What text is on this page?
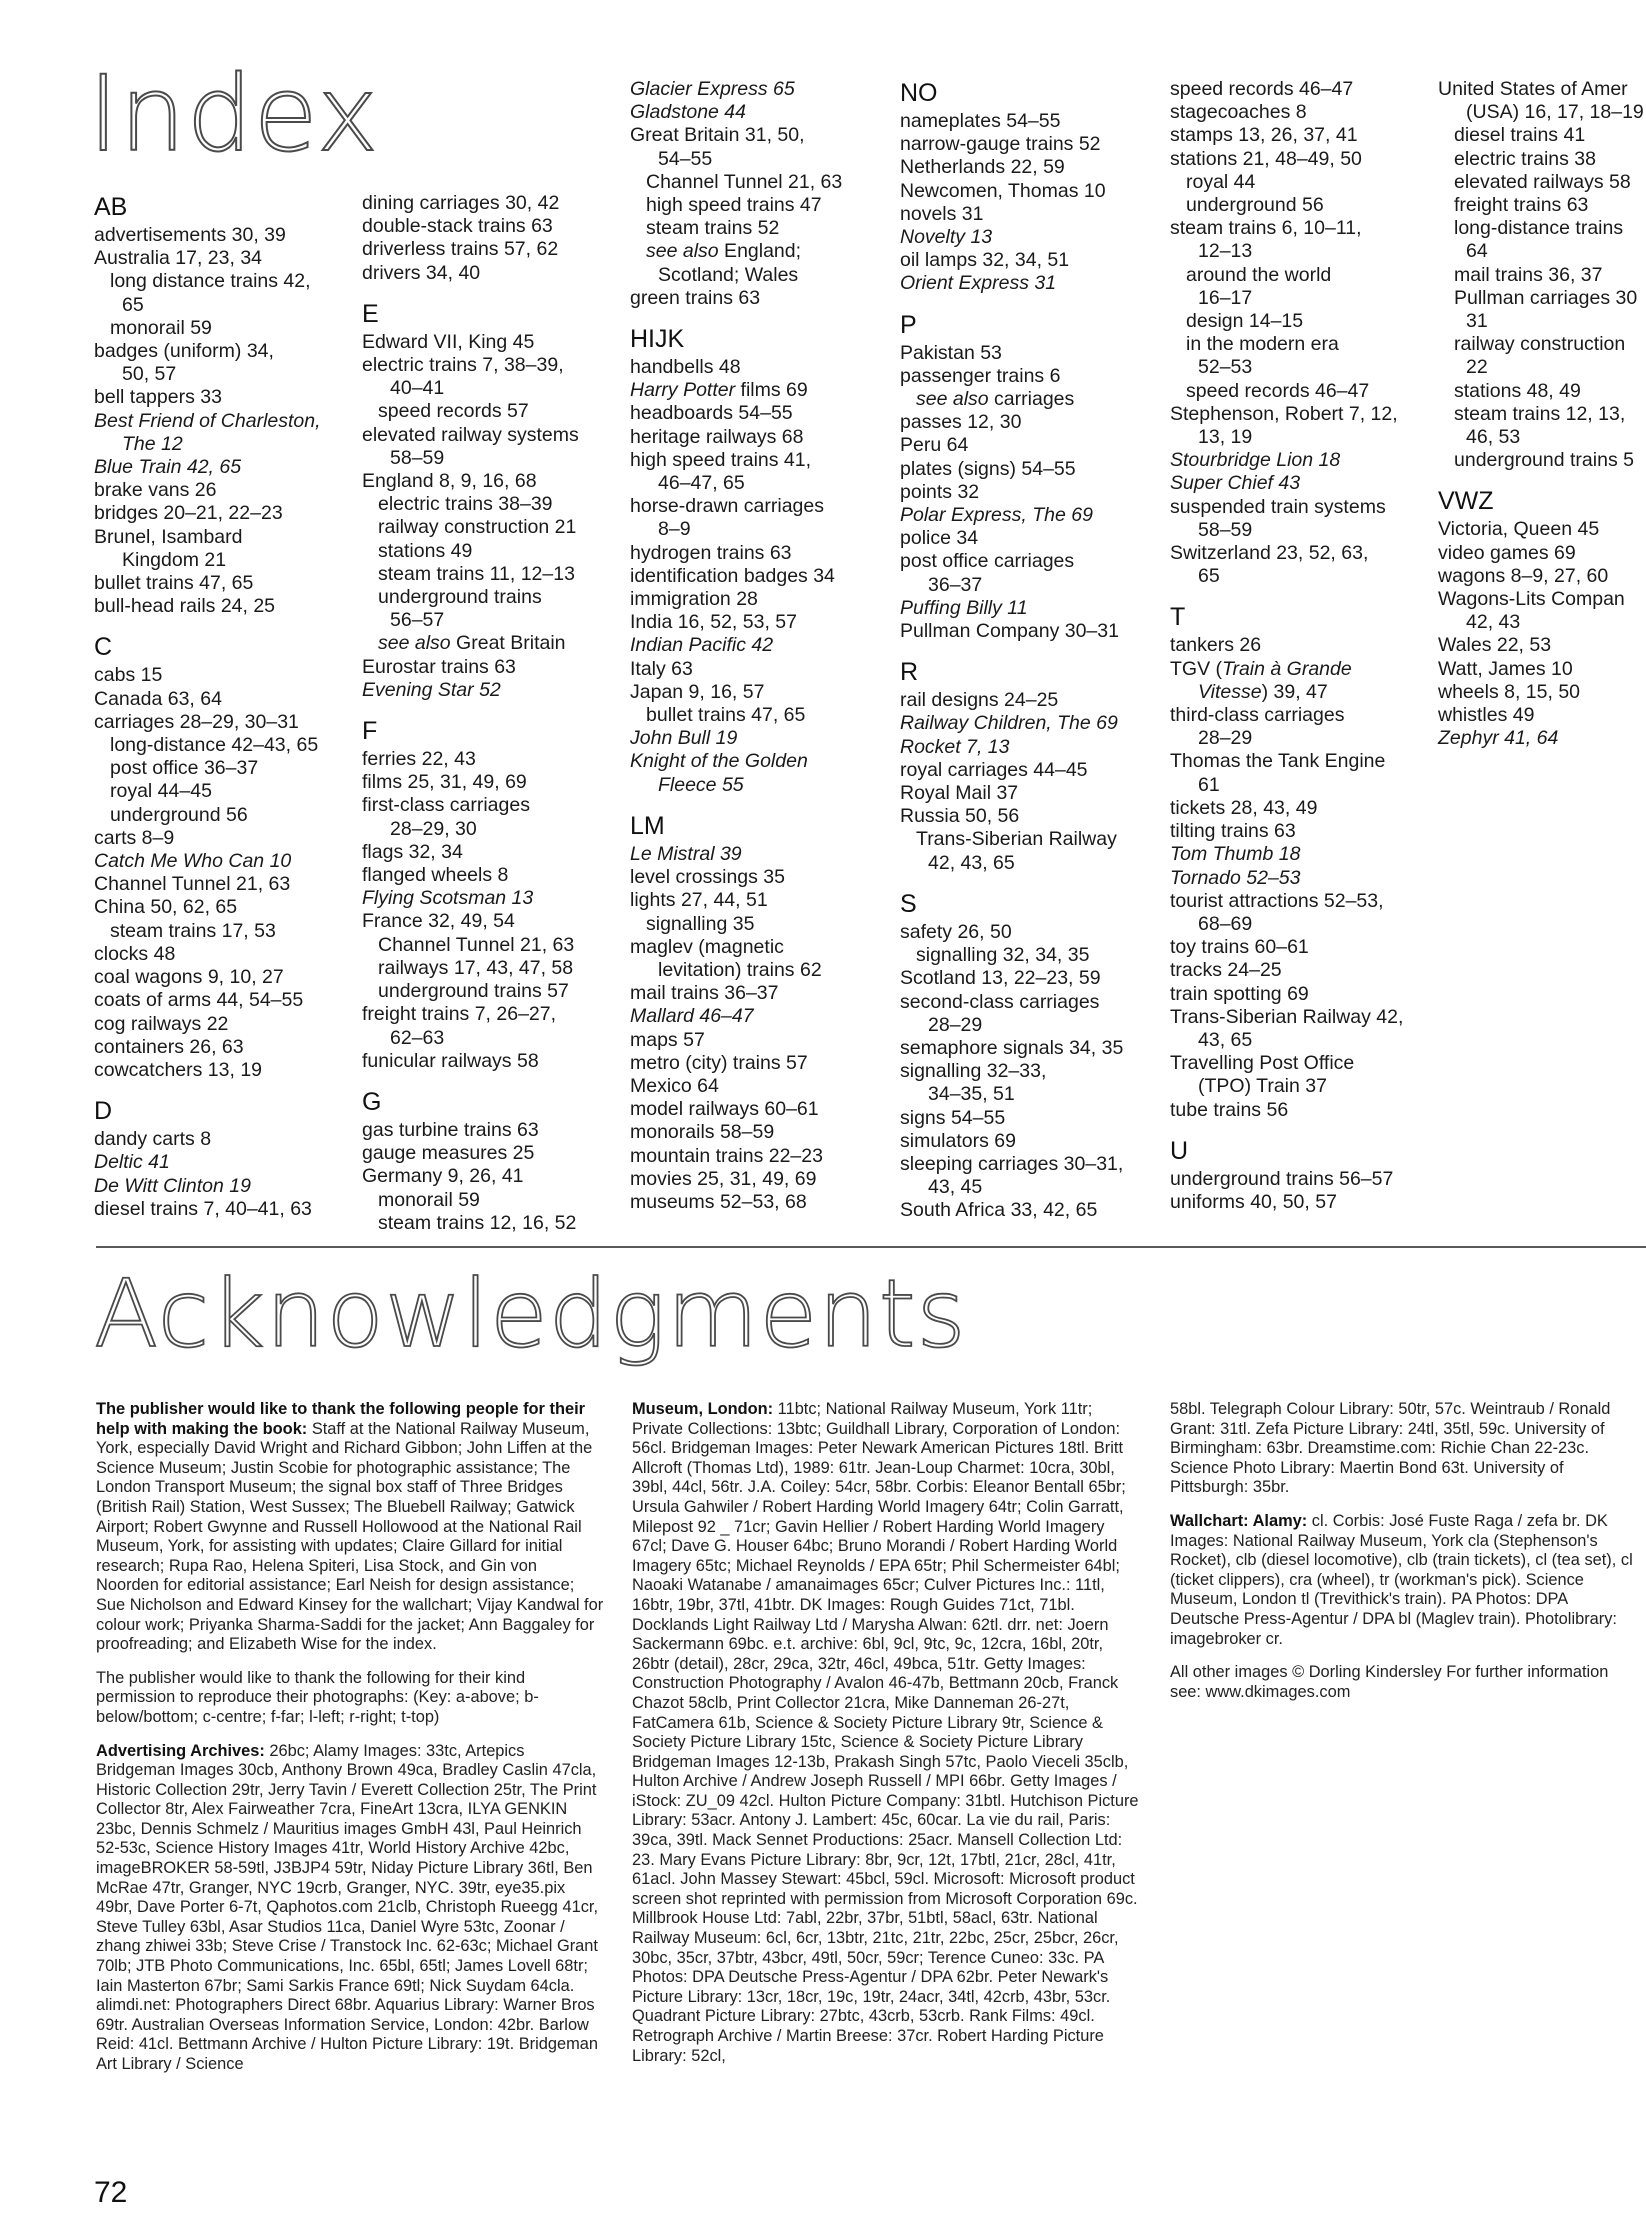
Index
AB
advertisements 30, 39
Australia 17, 23, 34
long distance trains 42,
65
monorail 59
badges (uniform) 34,
50, 57
bell tappers 33
Best Friend of Charleston,
The 12
Blue Train 42, 65
brake vans 26
bridges 20–21, 22–23
Brunel, Isambard
Kingdom 21
bullet trains 47, 65
bull-head rails 24, 25
C
cabs 15
Canada 63, 64
carriages 28–29, 30–31
long-distance 42–43, 65
post office 36–37
royal 44–45
underground 56
carts 8–9
Catch Me Who Can 10
Channel Tunnel 21, 63
China 50, 62, 65
steam trains 17, 53
clocks 48
coal wagons 9, 10, 27
coats of arms 44, 54–55
cog railways 22
containers 26, 63
cowcatchers 13, 19
D
dandy carts 8
Deltic 41
De Witt Clinton 19
diesel trains 7, 40–41, 63
dining carriages 30, 42
double-stack trains 63
driverless trains 57, 62
drivers 34, 40
E
Edward VII, King 45
electric trains 7, 38–39,
40–41
speed records 57
elevated railway systems
58–59
England 8, 9, 16, 68
electric trains 38–39
railway construction 21
stations 49
steam trains 11, 12–13
underground trains
56–57
see also Great Britain
Eurostar trains 63
Evening Star 52
F
ferries 22, 43
films 25, 31, 49, 69
first-class carriages
28–29, 30
flags 32, 34
flanged wheels 8
Flying Scotsman 13
France 32, 49, 54
Channel Tunnel 21, 63
railways 17, 43, 47, 58
underground trains 57
freight trains 7, 26–27,
62–63
funicular railways 58
G
gas turbine trains 63
gauge measures 25
Germany 9, 26, 41
monorail 59
steam trains 12, 16, 52
Glacier Express 65
Gladstone 44
Great Britain 31, 50,
54–55
Channel Tunnel 21, 63
high speed trains 47
steam trains 52
see also England;
Scotland; Wales
green trains 63
HIJK
handbells 48
Harry Potter films 69
headboards 54–55
heritage railways 68
high speed trains 41,
46–47, 65
horse-drawn carriages
8–9
hydrogen trains 63
identification badges 34
immigration 28
India 16, 52, 53, 57
Indian Pacific 42
Italy 63
Japan 9, 16, 57
bullet trains 47, 65
John Bull 19
Knight of the Golden
Fleece 55
LM
Le Mistral 39
level crossings 35
lights 27, 44, 51
signalling 35
maglev (magnetic
levitation) trains 62
mail trains 36–37
Mallard 46–47
maps 57
metro (city) trains 57
Mexico 64
model railways 60–61
monorails 58–59
mountain trains 22–23
movies 25, 31, 49, 69
museums 52–53, 68
NO
nameplates 54–55
narrow-gauge trains 52
Netherlands 22, 59
Newcomen, Thomas 10
novels 31
Novelty 13
oil lamps 32, 34, 51
Orient Express 31
P
Pakistan 53
passenger trains 6
see also carriages
passes 12, 30
Peru 64
plates (signs) 54–55
points 32
Polar Express, The 69
police 34
post office carriages
36–37
Puffing Billy 11
Pullman Company 30–31
R
rail designs 24–25
Railway Children, The 69
Rocket 7, 13
royal carriages 44–45
Royal Mail 37
Russia 50, 56
Trans-Siberian Railway
42, 43, 65
S
safety 26, 50
signalling 32, 34, 35
Scotland 13, 22–23, 59
second-class carriages
28–29
semaphore signals 34, 35
signalling 32–33,
34–35, 51
signs 54–55
simulators 69
sleeping carriages 30–31,
43, 45
South Africa 33, 42, 65
speed records 46–47
stagecoaches 8
stamps 13, 26, 37, 41
stations 21, 48–49, 50
royal 44
underground 56
steam trains 6, 10–11,
12–13
around the world
16–17
design 14–15
in the modern era
52–53
speed records 46–47
Stephenson, Robert 7, 12,
13, 19
Stourbridge Lion 18
Super Chief 43
suspended train systems
58–59
Switzerland 23, 52, 63,
65
T
tankers 26
TGV (Train à Grande
Vitesse) 39, 47
third-class carriages
28–29
Thomas the Tank Engine
61
tickets 28, 43, 49
tilting trains 63
Tom Thumb 18
Tornado 52–53
tourist attractions 52–53,
68–69
toy trains 60–61
tracks 24–25
train spotting 69
Trans-Siberian Railway 42,
43, 65
Travelling Post Office
(TPO) Train 37
tube trains 56
U
underground trains 56–57
uniforms 40, 50, 57
United States of Amer
(USA) 16, 17, 18–19
diesel trains 41
electric trains 38
elevated railways 58
freight trains 63
long-distance trains
64
mail trains 36, 37
Pullman carriages 30
31
railway construction
22
stations 48, 49
steam trains 12, 13,
46, 53
underground trains 5
VWZ
Victoria, Queen 45
video games 69
wagons 8–9, 27, 60
Wagons-Lits Compan
42, 43
Wales 22, 53
Watt, James 10
wheels 8, 15, 50
whistles 49
Zephyr 41, 64
Acknowledgments

The publisher would like to thank the following people for their help with making the book: Staff at the National Railway Museum, York, especially David Wright and Richard Gibbon; John Liffen at the Science Museum; Justin Scobie for photographic assistance; The London Transport Museum; the signal box staff of Three Bridges (British Rail) Station, West Sussex; The Bluebell Railway; Gatwick Airport; Robert Gwynne and Russell Hollowood at the National Rail Museum, York, for assisting with updates; Claire Gillard for initial research; Rupa Rao, Helena Spiteri, Lisa Stock, and Gin von Noorden for editorial assistance; Earl Neish for design assistance; Sue Nicholson and Edward Kinsey for the wallchart; Vijay Kandwal for colour work; Priyanka Sharma-Saddi for the jacket; Ann Baggaley for proofreading; and Elizabeth Wise for the index.

The publisher would like to thank the following for their kind permission to reproduce their photographs: (Key: a-above; b-below/bottom; c-centre; f-far; l-left; r-right; t-top)

Advertising Archives: 26bc; Alamy Images: 33tc, Artepics Bridgeman Images 30cb, Anthony Brown 49ca, Bradley Caslin 47cla, Historic Collection 29tr, Jerry Tavin / Everett Collection 25tr, The Print Collector 8tr, Alex Fairweather 7cra, FineArt 13cra, ILYA GENKIN 23bc, Dennis Schmelz / Mauritius images GmbH 43l, Paul Heinrich 52-53c, Science History Images 41tr, World History Archive 42bc, imageBROKER 58-59tl, J3BJP4 59tr, Niday Picture Library 36tl, Ben McRae 47tr, Granger, NYC 19crb, Granger, NYC. 39tr, eye35.pix 49br, Dave Porter 6-7t, Qaphotos.com 21clb, Christoph Rueegg 41cr, Steve Tulley 63bl, Asar Studios 11ca, Daniel Wyre 53tc, Zoonar / zhang zhiwei 33b; Steve Crise / Transtock Inc. 62-63c; Michael Grant 70lb; JTB Photo Communications, Inc. 65bl, 65tl; James Lovell 68tr; Iain Masterton 67br; Sami Sarkis France 69tl; Nick Suydam 64cla. alimdi.net: Photographers Direct 68br. Aquarius Library: Warner Bros 69tr. Australian Overseas Information Service, London: 42br. Barlow Reid: 41cl. Bettmann Archive / Hulton Picture Library: 19t. Bridgeman Art Library / Science

Museum, London: 11btc; National Railway Museum, York 11tr; Private Collections: 13btc; Guildhall Library, Corporation of London: 56cl. Bridgeman Images: Peter Newark American Pictures 18tl. Britt Allcroft (Thomas Ltd), 1989: 61tr. Jean-Loup Charmet: 10cra, 30bl, 39bl, 44cl, 56tr. J.A. Coiley: 54cr, 58br. Corbis: Eleanor Bentall 65br; Ursula Gahwiler / Robert Harding World Imagery 64tr; Colin Garratt, Milepost 92 _ 71cr; Gavin Hellier / Robert Harding World Imagery 67cl; Dave G. Houser 64bc; Bruno Morandi / Robert Harding World Imagery 65tc; Michael Reynolds / EPA 65tr; Phil Schermeister 64bl; Naoaki Watanabe / amanaimages 65cr; Culver Pictures Inc.: 11tl, 16btr, 19br, 37tl, 41btr. DK Images: Rough Guides 71ct, 71bl. Docklands Light Railway Ltd / Marysha Alwan: 62tl. drr. net: Joern Sackermann 69bc. e.t. archive: 6bl, 9cl, 9tc, 9c, 12cra, 16bl, 20tr, 26btr (detail), 28cr, 29ca, 32tr, 46cl, 49bca, 51tr. Getty Images: Construction Photography / Avalon 46-47b, Bettmann 20cb, Franck Chazot 58clb, Print Collector 21cra, Mike Danneman 26-27t, FatCamera 61b, Science & Society Picture Library 9tr, Science & Society Picture Library 15tc, Science & Society Picture Library Bridgeman Images 12-13b, Prakash Singh 57tc, Paolo Vieceli 35clb, Hulton Archive / Andrew Joseph Russell / MPI 66br. Getty Images / iStock: ZU_09 42cl. Hulton Picture Company: 31btl. Hutchison Picture Library: 53acr. Antony J. Lambert: 45c, 60car. La vie du rail, Paris: 39ca, 39tl. Mack Sennet Productions: 25acr. Mansell Collection Ltd: 23. Mary Evans Picture Library: 8br, 9cr, 12t, 17btl, 21cr, 28cl, 41tr, 61acl. John Massey Stewart: 45bcl, 59cl. Microsoft: Microsoft product screen shot reprinted with permission from Microsoft Corporation 69c. Millbrook House Ltd: 7abl, 22br, 37br, 51btl, 58acl, 63tr. National Railway Museum: 6cl, 6cr, 13btr, 21tc, 21tr, 22bc, 25cr, 25bcr, 26cr, 30bc, 35cr, 37btr, 43bcr, 49tl, 50cr, 59cr; Terence Cuneo: 33c. PA Photos: DPA Deutsche Press-Agentur / DPA 62br. Peter Newark's Picture Library: 13cr, 18cr, 19c, 19tr, 24acr, 34tl, 42crb, 43br, 53cr. Quadrant Picture Library: 27btc, 43crb, 53crb. Rank Films: 49cl. Retrograph Archive / Martin Breese: 37cr. Robert Harding Picture Library: 52cl,

58bl. Telegraph Colour Library: 50tr, 57c. Weintraub / Ronald Grant: 31tl. Zefa Picture Library: 24tl, 35tl, 59c. University of Birmingham: 63br. Dreamstime.com: Richie Chan 22-23c. Science Photo Library: Maertin Bond 63t. University of Pittsburgh: 35br.

Wallchart: Alamy: cl. Corbis: José Fuste Raga / zefa br. DK Images: National Railway Museum, York cla (Stephenson's Rocket), clb (diesel locomotive), clb (train tickets), cl (tea set), cl (ticket clippers), cra (wheel), tr (workman's pick). Science Museum, London tl (Trevithick's train). PA Photos: DPA Deutsche Press-Agentur / DPA bl (Maglev train). Photolibrary: imagebroker cr.

All other images © Dorling Kindersley For further information see: www.dkimages.com

72
